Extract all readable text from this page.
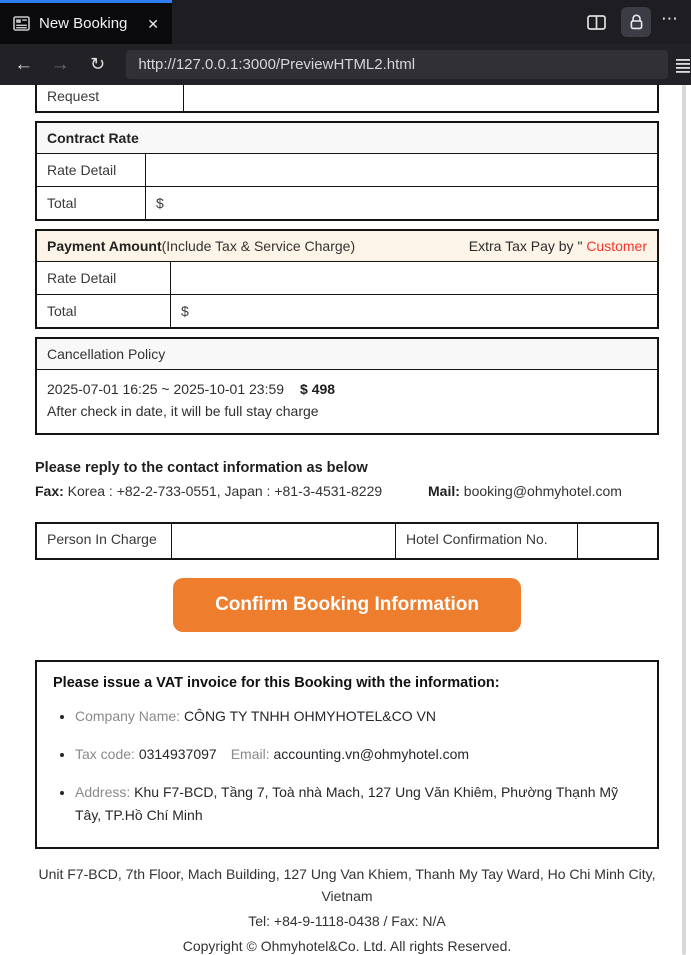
New Booking	✕	⋯
← → ↻	http://127.0.0.1:3000/PreviewHTML2.html
Request
Contract Rate
Rate Detail
Total	$
Payment Amount(Include Tax & Service Charge)	Extra Tax Pay by " Customer
Rate Detail
Total	$
Cancellation Policy
2025-07-01 16:25 ~ 2025-10-01 23:59 $ 498
After check in date, it will be full stay charge
Please reply to the contact information as below
Fax: Korea : +82-2-733-0551, Japan : +81-3-4531-8229	Mail: booking@ohmyhotel.com
Person In Charge	Hotel Confirmation No.
Confirm Booking Information
Please issue a VAT invoice for this Booking with the information:
• Company Name: CÔNG TY TNHH OHMYHOTEL&CO VN
• Tax code: 0314937097 Email: accounting.vn@ohmyhotel.com
• Address: Khu F7-BCD, Tầng 7, Toà nhà Mach, 127 Ung Văn Khiêm, Phường Thạnh Mỹ Tây, TP.Hồ Chí Minh

Unit F7-BCD, 7th Floor, Mach Building, 127 Ung Van Khiem, Thanh My Tay Ward, Ho Chi Minh City, Vietnam

Tel: +84-9-1118-0438 / Fax: N/A

Copyright © Ohmyhotel&Co. Ltd. All rights Reserved.
